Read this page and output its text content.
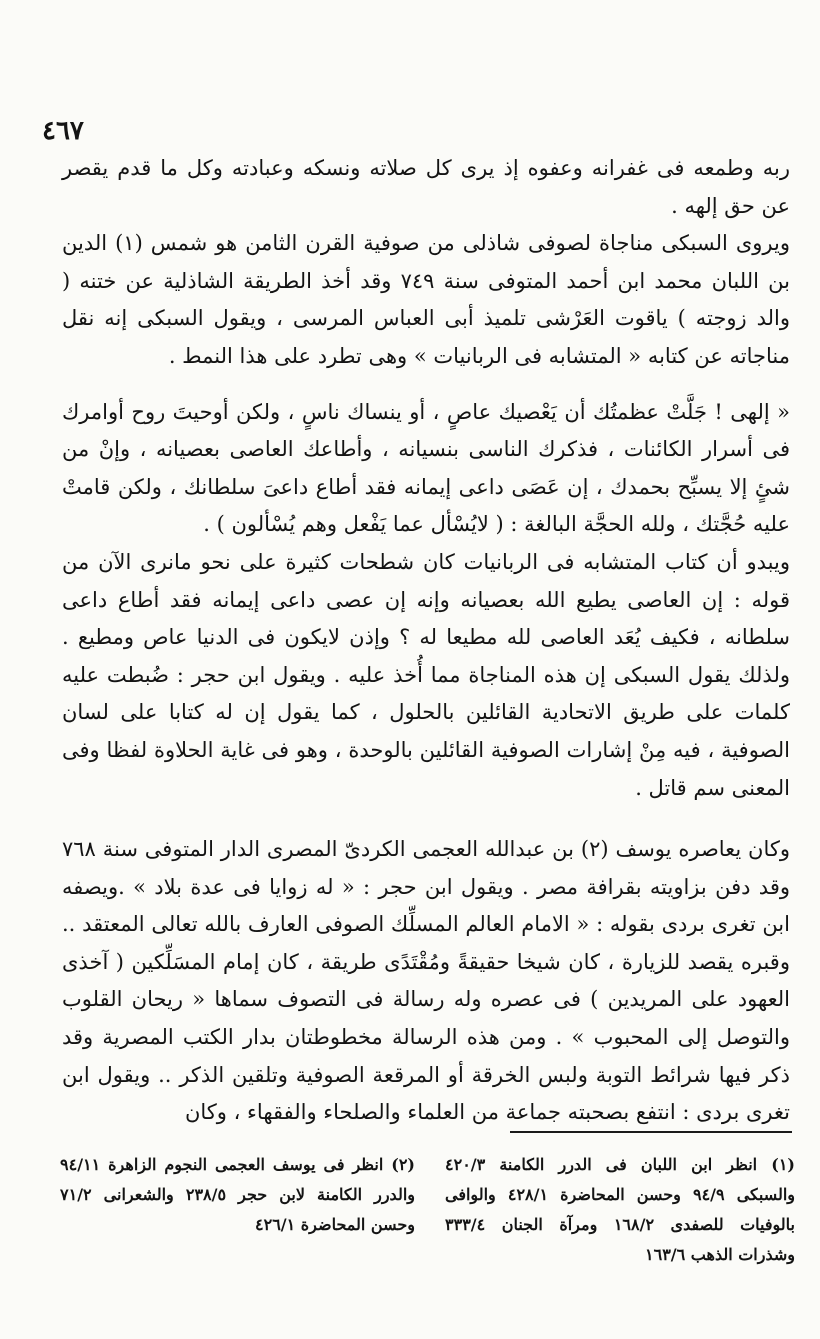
٤٦٧

ربه وطمعه فى غفرانه وعفوه إذ يرى كل صلاته ونسكه وعبادته وكل ما قدم يقصر عن حق إلهه .

ويروى السبكى مناجاة لصوفى شاذلى من صوفية القرن الثامن هو شمس (١) الدين بن اللبان محمد ابن أحمد المتوفى سنة ٧٤٩ وقد أخذ الطريقة الشاذلية عن ختنه ( والد زوجته ) ياقوت العَرْشى تلميذ أبى العباس المرسى ، ويقول السبكى إنه نقل مناجاته عن كتابه « المتشابه فى الربانيات » وهى تطرد على هذا النمط .

« إلهى ! جَلَّتْ عظمتُك أن يَعْصيك عاصٍ ، أو ينساك ناسٍ ، ولكن أوحيتَ روح أوامرك فى أسرار الكائنات ، فذكرك الناسى بنسيانه ، وأطاعك العاصى بعصيانه ، وإنْ من شئٍ إلا يسبِّح بحمدك ، إن عَصَى داعى إيمانه فقد أطاع داعىَ سلطانك ، ولكن قامتْ عليه حُجَّتك ، ولله الحجَّة البالغة : ( لايُسْأل عما يَفْعل وهم يُسْألون ) .

ويبدو أن كتاب المتشابه فى الربانيات كان شطحات كثيرة على نحو مانرى الآن من قوله : إن العاصى يطيع الله بعصيانه وإنه إن عصى داعى إيمانه فقد أطاع داعى سلطانه ، فكيف يُعَد العاصى لله مطيعا له ؟ وإذن لايكون فى الدنيا عاص ومطيع . ولذلك يقول السبكى إن هذه المناجاة مما أُخذ عليه . ويقول ابن حجر : ضُبطت عليه كلمات على طريق الاتحادية القائلين بالحلول ، كما يقول إن له كتابا على لسان الصوفية ، فيه مِنْ إشارات الصوفية القائلين بالوحدة ، وهو فى غاية الحلاوة لفظا وفى المعنى سم قاتل .

وكان يعاصره يوسف (٢) بن عبدالله العجمى الكردىّ المصرى الدار المتوفى سنة ٧٦٨ وقد دفن بزاويته بقرافة مصر . ويقول ابن حجر : « له زوايا فى عدة بلاد » .ويصفه ابن تغرى بردى بقوله : « الامام العالم المسلِّك الصوفى العارف بالله تعالى المعتقد .. وقبره يقصد للزيارة ، كان شيخا حقيقةً ومُقْتَدًى طريقة ، كان إمام المسَلِّكين ( آخذى العهود على المريدين ) فى عصره وله رسالة فى التصوف سماها « ريحان القلوب والتوصل إلى المحبوب » . ومن هذه الرسالة مخطوطتان بدار الكتب المصرية وقد ذكر فيها شرائط التوبة ولبس الخرقة أو المرقعة الصوفية وتلقين الذكر .. ويقول ابن تغرى بردى : انتفع بصحبته جماعة من العلماء والصلحاء والفقهاء ، وكان

(١) انظر ابن اللبان فى الدرر الكامنة ٤٢٠/٣ والسبكى ٩٤/٩ وحسن المحاضرة ٤٢٨/١ والوافى بالوفيات للصفدى ١٦٨/٢ ومرآة الجنان ٣٣٣/٤ وشذرات الذهب ١٦٣/٦

(٢) انظر فى يوسف العجمى النجوم الزاهرة ٩٤/١١ والدرر الكامنة لابن حجر ٢٣٨/٥ والشعرانى ٧١/٢ وحسن المحاضرة ٤٢٦/١
